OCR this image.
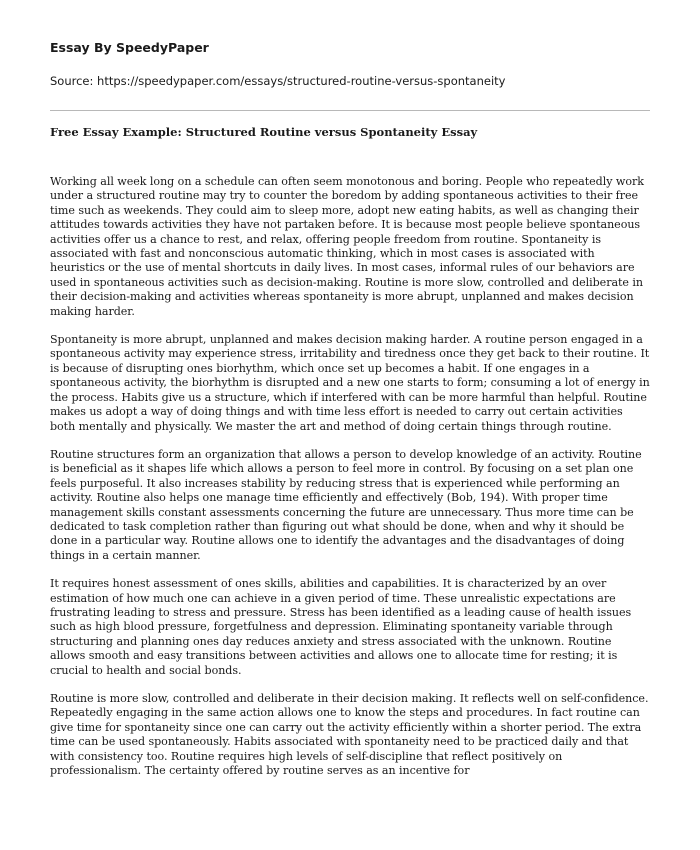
Essay By SpeedyPaper
Source: https://speedypaper.com/essays/structured-routine-versus-spontaneity
Free Essay Example: Structured Routine versus Spontaneity Essay

Working all week long on a schedule can often seem monotonous and boring. People who repeatedly work under a structured routine may try to counter the boredom by adding spontaneous activities to their free time such as weekends. They could aim to sleep more, adopt new eating habits, as well as changing their attitudes towards activities they have not partaken before. It is because most people believe spontaneous activities offer us a chance to rest, and relax, offering people freedom from routine. Spontaneity is associated with fast and nonconscious automatic thinking, which in most cases is associated with heuristics or the use of mental shortcuts in daily lives. In most cases, informal rules of our behaviors are used in spontaneous activities such as decision-making. Routine is more slow, controlled and deliberate in their decision-making and activities whereas spontaneity is more abrupt, unplanned and makes decision making harder.

Spontaneity is more abrupt, unplanned and makes decision making harder. A routine person engaged in a spontaneous activity may experience stress, irritability and tiredness once they get back to their routine. It is because of disrupting ones biorhythm, which once set up becomes a habit. If one engages in a spontaneous activity, the biorhythm is disrupted and a new one starts to form; consuming a lot of energy in the process. Habits give us a structure, which if interfered with can be more harmful than helpful. Routine makes us adopt a way of doing things and with time less effort is needed to carry out certain activities both mentally and physically. We master the art and method of doing certain things through routine.

Routine structures form an organization that allows a person to develop knowledge of an activity. Routine is beneficial as it shapes life which allows a person to feel more in control. By focusing on a set plan one feels purposeful. It also increases stability by reducing stress that is experienced while performing an activity. Routine also helps one manage time efficiently and effectively (Bob, 194). With proper time management skills constant assessments concerning the future are unnecessary. Thus more time can be dedicated to task completion rather than figuring out what should be done, when and why it should be done in a particular way. Routine allows one to identify the advantages and the disadvantages of doing things in a certain manner.

It requires honest assessment of ones skills, abilities and capabilities. It is characterized by an over estimation of how much one can achieve in a given period of time. These unrealistic expectations are frustrating leading to stress and pressure. Stress has been identified as a leading cause of health issues such as high blood pressure, forgetfulness and depression. Eliminating spontaneity variable through structuring and planning ones day reduces anxiety and stress associated with the unknown. Routine allows smooth and easy transitions between activities and allows one to allocate time for resting; it is crucial to health and social bonds.

Routine is more slow, controlled and deliberate in their decision making. It reflects well on self-confidence. Repeatedly engaging in the same action allows one to know the steps and procedures. In fact routine can give time for spontaneity since one can carry out the activity efficiently within a shorter period. The extra time can be used spontaneously. Habits associated with spontaneity need to be practiced daily and that with consistency too. Routine requires high levels of self-discipline that reflect positively on professionalism. The certainty offered by routine serves as an incentive for
